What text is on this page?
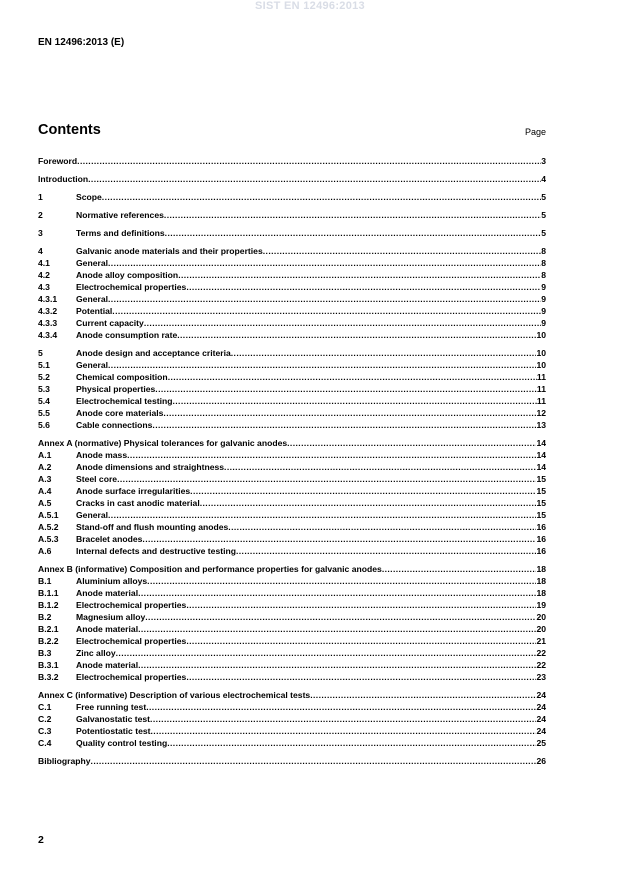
SIST EN 12496:2013
EN 12496:2013 (E)
Contents	Page
Foreword .....	3
Introduction .....	4
1	Scope .....	5
2	Normative references .....	5
3	Terms and definitions .....	5
4	Galvanic anode materials and their properties .....	8
4.1	General .....	8
4.2	Anode alloy composition .....	8
4.3	Electrochemical properties .....	9
4.3.1 General .....	9
4.3.2 Potential .....	9
4.3.3 Current capacity .....	9
4.3.4 Anode consumption rate .....	10
5	Anode design and acceptance criteria .....	10
5.1	General .....	10
5.2	Chemical composition .....	11
5.3	Physical properties .....	11
5.4	Electrochemical testing .....	11
5.5	Anode core materials .....	12
5.6	Cable connections .....	13
Annex A (normative) Physical tolerances for galvanic anodes .....	14
A.1	Anode mass .....	14
A.2	Anode dimensions and straightness .....	14
A.3	Steel core .....	15
A.4	Anode surface irregularities .....	15
A.5	Cracks in cast anodic material .....	15
A.5.1 General .....	15
A.5.2 Stand-off and flush mounting anodes .....	16
A.5.3 Bracelet anodes .....	16
A.6	Internal defects and destructive testing .....	16
Annex B (informative) Composition and performance properties for galvanic anodes .....	18
B.1	Aluminium alloys .....	18
B.1.1 Anode material .....	18
B.1.2 Electrochemical properties .....	19
B.2	Magnesium alloy .....	20
B.2.1 Anode material .....	20
B.2.2 Electrochemical properties .....	21
B.3	Zinc alloy .....	22
B.3.1 Anode material .....	22
B.3.2 Electrochemical properties .....	23
Annex C (informative) Description of various electrochemical tests .....	24
C.1	Free running test .....	24
C.2	Galvanostatic test .....	24
C.3	Potentiostatic test .....	24
C.4	Quality control testing .....	25
Bibliography .....	26
2
